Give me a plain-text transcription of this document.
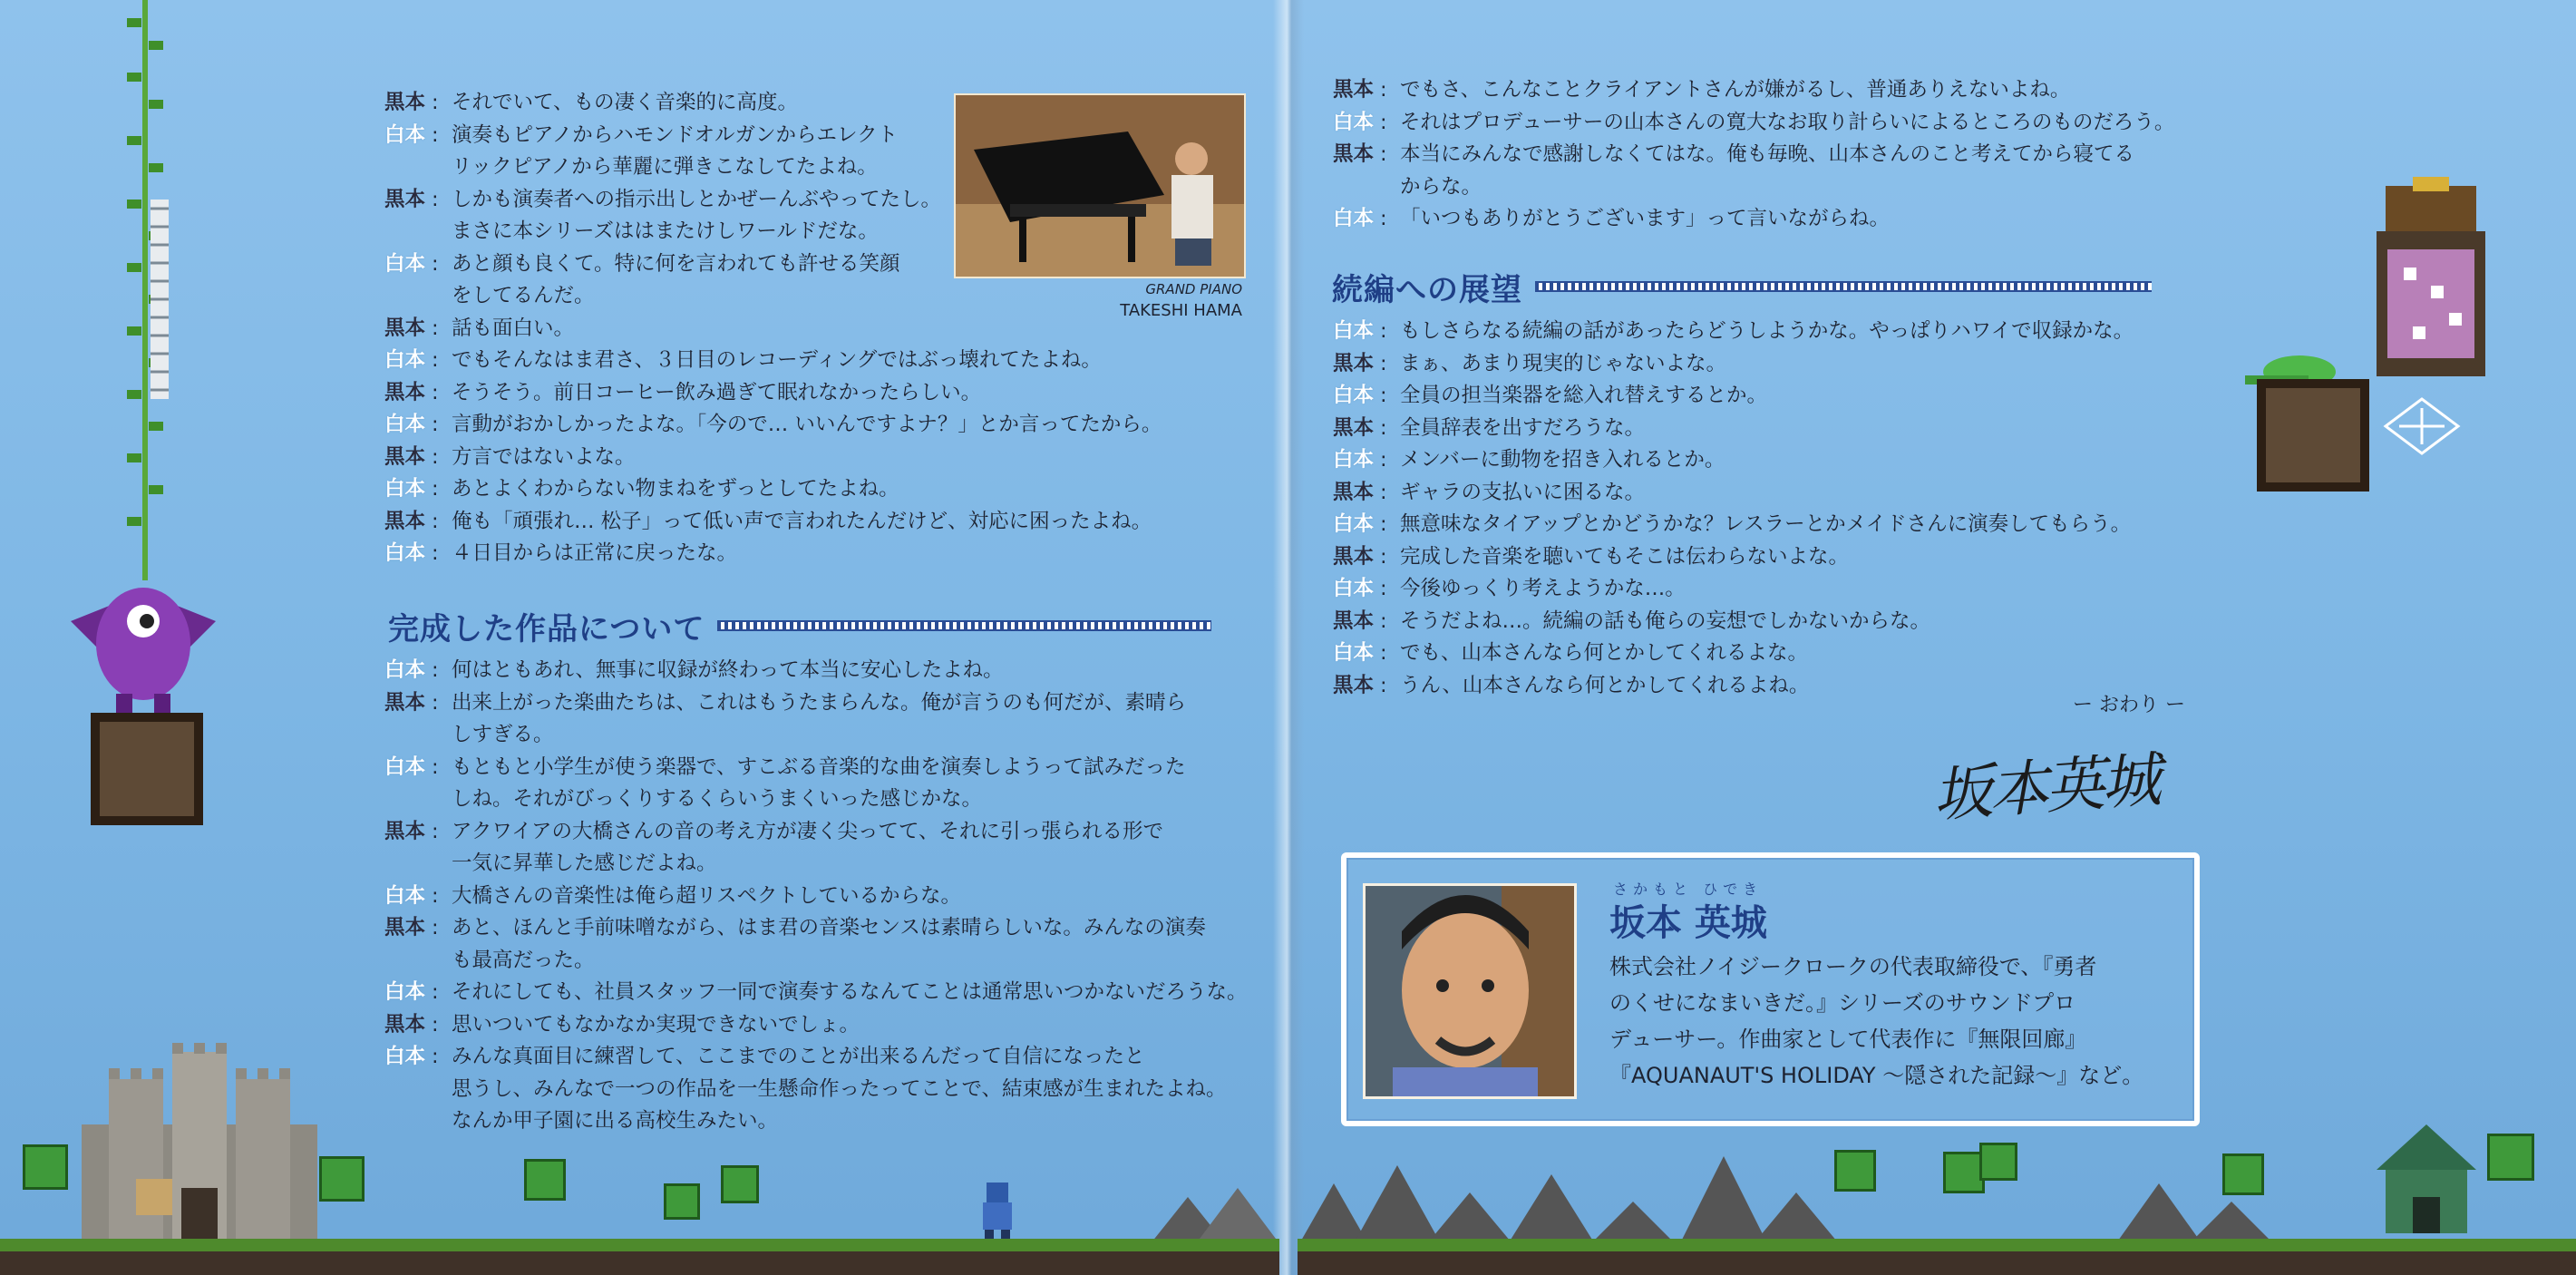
黒本 : それでいて、もの凄く音楽的に高度。
白本 : 演奏もピアノからハモンドオルガンからエレクト
リックピアノから華麗に弾きこなしてたよね。
黒本 : しかも演奏者への指示出しとかぜーんぶやってたし。
まさに本シリーズははまたけしワールドだな。
白本 : あと顔も良くて。特に何を言われても許せる笑顔
をしてるんだ。
黒本 : 話も面白い。
白本 : でもそんなはま君さ、３日目のレコーディングではぶっ壊れてたよね。
黒本 : そうそう。前日コーヒー飲み過ぎて眠れなかったらしい。
白本 : 言動がおかしかったよな。「今ので… いいんですよナ？」とか言ってたから。
黒本 : 方言ではないよな。
白本 : あとよくわからない物まねをずっとしてたよね。
黒本 : 俺も「頑張れ… 松子」って低い声で言われたんだけど、対応に困ったよね。
白本 : ４日目からは正常に戻ったな。
GRAND PIANO
TAKESHI HAMA
完成した作品について
白本 : 何はともあれ、無事に収録が終わって本当に安心したよね。
黒本 : 出来上がった楽曲たちは、これはもうたまらんな。俺が言うのも何だが、素晴ら
しすぎる。
白本 : もともと小学生が使う楽器で、すこぶる音楽的な曲を演奏しようって試みだった
しね。それがびっくりするくらいうまくいった感じかな。
黒本 : アクワイアの大橋さんの音の考え方が凄く尖ってて、それに引っ張られる形で
一気に昇華した感じだよね。
白本 : 大橋さんの音楽性は俺ら超リスペクトしているからな。
黒本 : あと、ほんと手前味噌ながら、はま君の音楽センスは素晴らしいな。みんなの演奏
も最高だった。
白本 : それにしても、社員スタッフ一同で演奏するなんてことは通常思いつかないだろうな。
黒本 : 思いついてもなかなか実現できないでしょ。
白本 : みんな真面目に練習して、ここまでのことが出来るんだって自信になったと
思うし、みんなで一つの作品を一生懸命作ったってことで、結束感が生まれたよね。
なんか甲子園に出る高校生みたい。
黒本 : でもさ、こんなことクライアントさんが嫌がるし、普通ありえないよね。
白本 : それはプロデューサーの山本さんの寛大なお取り計らいによるところのものだろう。
黒本 : 本当にみんなで感謝しなくてはな。俺も毎晩、山本さんのこと考えてから寝てる
からな。
白本 : 「いつもありがとうございます」って言いながらね。
続編への展望
白本 : もしさらなる続編の話があったらどうしようかな。やっぱりハワイで収録かな。
黒本 : まぁ、あまり現実的じゃないよな。
白本 : 全員の担当楽器を総入れ替えするとか。
黒本 : 全員辞表を出すだろうな。
白本 : メンバーに動物を招き入れるとか。
黒本 : ギャラの支払いに困るな。
白本 : 無意味なタイアップとかどうかな？レスラーとかメイドさんに演奏してもらう。
黒本 : 完成した音楽を聴いてもそこは伝わらないよな。
白本 : 今後ゆっくり考えようかな…。
黒本 : そうだよね…。続編の話も俺らの妄想でしかないからな。
白本 : でも、山本さんなら何とかしてくれるよな。
黒本 : うん、山本さんなら何とかしてくれるよね。
ー おわり ー
坂本英城
さかもと ひでき
坂本 英城
株式会社ノイジークロークの代表取締役で、『勇者
のくせになまいきだ。』シリーズのサウンドプロ
デューサー。作曲家として代表作に『無限回廊』
『AQUANAUT'S HOLIDAY ～隠された記録～』など。
